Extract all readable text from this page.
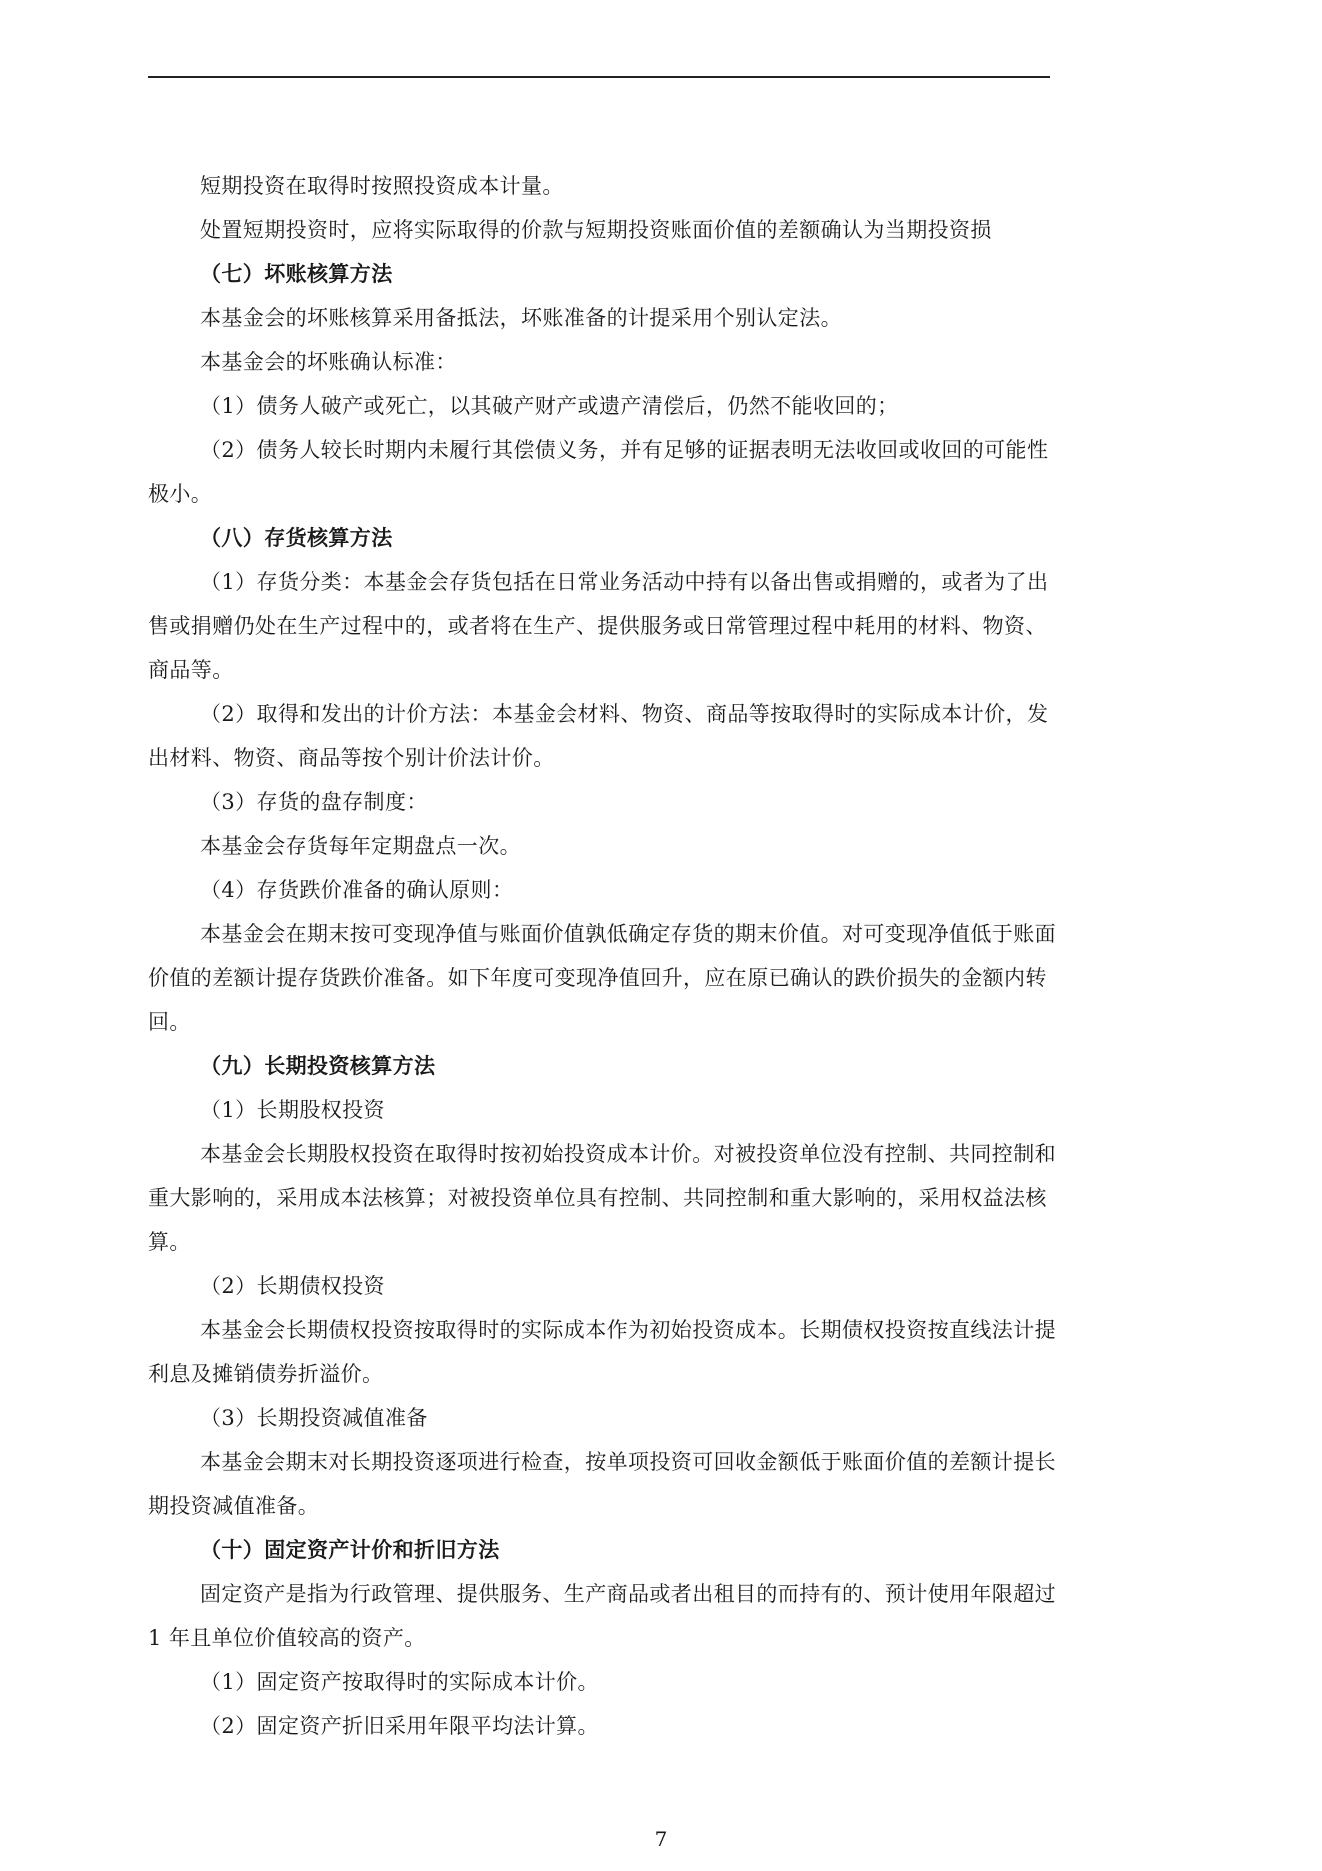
短期投资在取得时按照投资成本计量。

处置短期投资时，应将实际取得的价款与短期投资账面价值的差额确认为当期投资损

（七）坏账核算方法

本基金会的坏账核算采用备抵法，坏账准备的计提采用个别认定法。

本基金会的坏账确认标准：

（1）债务人破产或死亡，以其破产财产或遗产清偿后，仍然不能收回的；

（2）债务人较长时期内未履行其偿债义务，并有足够的证据表明无法收回或收回的可能性极小。

（八）存货核算方法

（1）存货分类：本基金会存货包括在日常业务活动中持有以备出售或捐赠的，或者为了出售或捐赠仍处在生产过程中的，或者将在生产、提供服务或日常管理过程中耗用的材料、物资、商品等。

（2）取得和发出的计价方法：本基金会材料、物资、商品等按取得时的实际成本计价，发出材料、物资、商品等按个别计价法计价。

（3）存货的盘存制度：

本基金会存货每年定期盘点一次。

（4）存货跌价准备的确认原则：

本基金会在期末按可变现净值与账面价值孰低确定存货的期末价值。对可变现净值低于账面价值的差额计提存货跌价准备。如下年度可变现净值回升，应在原已确认的跌价损失的金额内转回。

（九）长期投资核算方法

（1）长期股权投资

本基金会长期股权投资在取得时按初始投资成本计价。对被投资单位没有控制、共同控制和重大影响的，采用成本法核算；对被投资单位具有控制、共同控制和重大影响的，采用权益法核算。

（2）长期债权投资

本基金会长期债权投资按取得时的实际成本作为初始投资成本。长期债权投资按直线法计提利息及摊销债券折溢价。

（3）长期投资减值准备

本基金会期末对长期投资逐项进行检查，按单项投资可回收金额低于账面价值的差额计提长期投资减值准备。

（十）固定资产计价和折旧方法

固定资产是指为行政管理、提供服务、生产商品或者出租目的而持有的、预计使用年限超过 1 年且单位价值较高的资产。

（1）固定资产按取得时的实际成本计价。

（2）固定资产折旧采用年限平均法计算。

7
